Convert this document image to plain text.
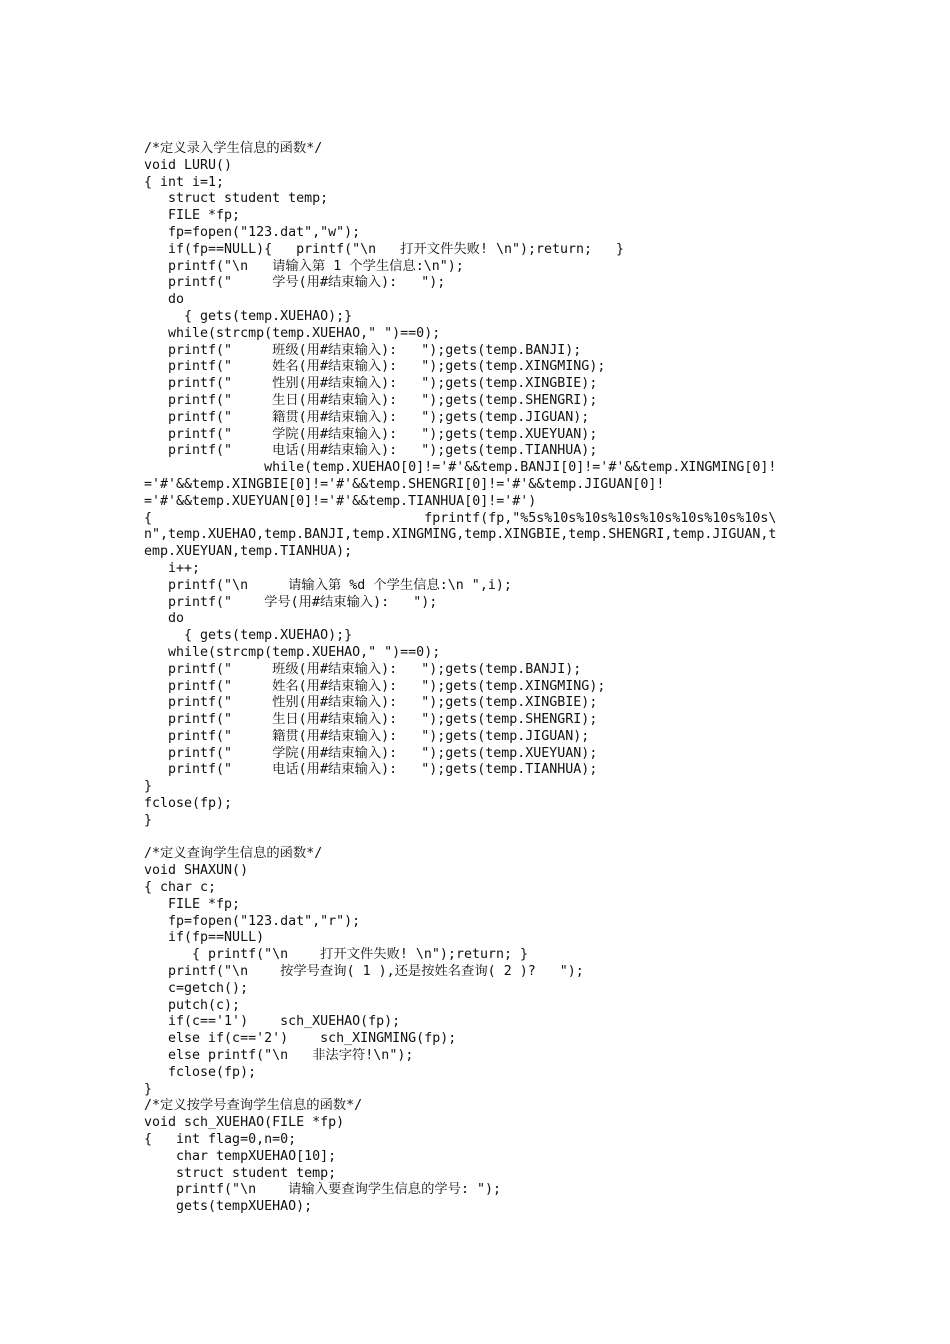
/*定义录入学生信息的函数*/
void LURU()
{ int i=1;
struct student temp;
FILE *fp;
fp=fopen("123.dat","w");
if(fp==NULL){   printf("\n   打开文件失败! \n");return;   }
printf("\n   请输入第 1 个学生信息:\n");
printf("     学号(用#结束输入):   ");
do
{ gets(temp.XUEHAO);}
while(strcmp(temp.XUEHAO," ")==0);
printf("     班级(用#结束输入):   ");gets(temp.BANJI);
printf("     姓名(用#结束输入):   ");gets(temp.XINGMING);
printf("     性别(用#结束输入):   ");gets(temp.XINGBIE);
printf("     生日(用#结束输入):   ");gets(temp.SHENGRI);
printf("     籍贯(用#结束输入):   ");gets(temp.JIGUAN);
printf("     学院(用#结束输入):   ");gets(temp.XUEYUAN);
printf("     电话(用#结束输入):   ");gets(temp.TIANHUA);
while(temp.XUEHAO[0]!='#'&&temp.BANJI[0]!='#'&&temp.XINGMING[0]!
='#'&&temp.XINGBIE[0]!='#'&&temp.SHENGRI[0]!='#'&&temp.JIGUAN[0]!
='#'&&temp.XUEYUAN[0]!='#'&&temp.TIANHUA[0]!='#')
{                                  fprintf(fp,"%5s%10s%10s%10s%10s%10s%10s%10s\
n",temp.XUEHAO,temp.BANJI,temp.XINGMING,temp.XINGBIE,temp.SHENGRI,temp.JIGUAN,t
emp.XUEYUAN,temp.TIANHUA);
i++;
printf("\n     请输入第 %d 个学生信息:\n ",i);
printf("    学号(用#结束输入):   ");
do
{ gets(temp.XUEHAO);}
while(strcmp(temp.XUEHAO," ")==0);
printf("     班级(用#结束输入):   ");gets(temp.BANJI);
printf("     姓名(用#结束输入):   ");gets(temp.XINGMING);
printf("     性别(用#结束输入):   ");gets(temp.XINGBIE);
printf("     生日(用#结束输入):   ");gets(temp.SHENGRI);
printf("     籍贯(用#结束输入):   ");gets(temp.JIGUAN);
printf("     学院(用#结束输入):   ");gets(temp.XUEYUAN);
printf("     电话(用#结束输入):   ");gets(temp.TIANHUA);
}
fclose(fp);
}

/*定义查询学生信息的函数*/
void SHAXUN()
{ char c;
FILE *fp;
fp=fopen("123.dat","r");
if(fp==NULL)
{ printf("\n    打开文件失败! \n");return; }
printf("\n    按学号查询( 1 ),还是按姓名查询( 2 )?   ");
c=getch();
putch(c);
if(c=='1')    sch_XUEHAO(fp);
else if(c=='2')    sch_XINGMING(fp);
else printf("\n   非法字符!\n");
fclose(fp);
}
/*定义按学号查询学生信息的函数*/
void sch_XUEHAO(FILE *fp)
{   int flag=0,n=0;
char tempXUEHAO[10];
struct student temp;
printf("\n    请输入要查询学生信息的学号: ");
gets(tempXUEHAO);
